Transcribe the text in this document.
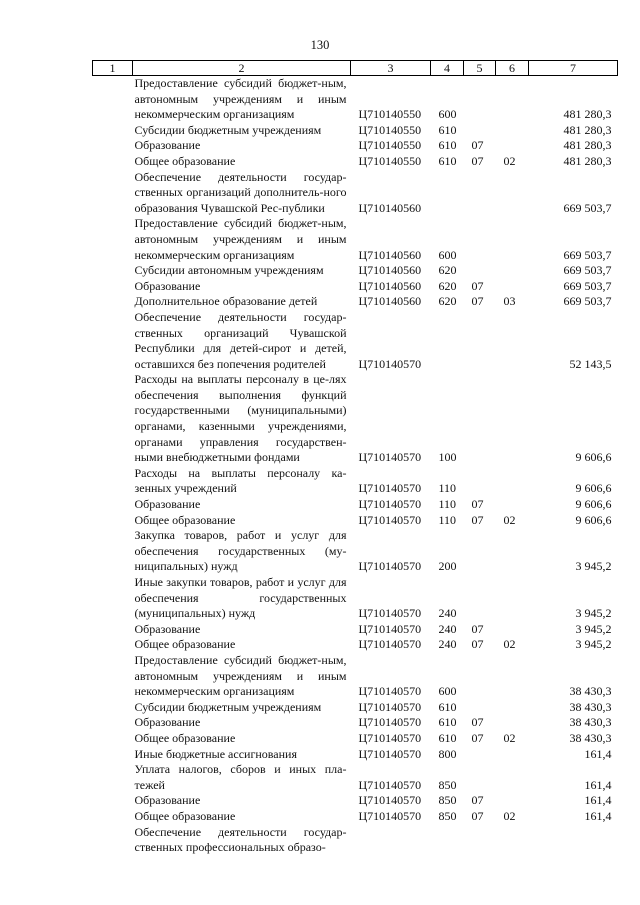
130
1	2	3	4	5	6	7
	Предоставление субсидий бюджет-ным, автономным учреждениям и иным некоммерческим организациям	Ц710140550	600			481 280,3
	Субсидии бюджетным учреждениям	Ц710140550	610			481 280,3
	Образование	Ц710140550	610	07		481 280,3
	Общее образование	Ц710140550	610	07	02	481 280,3
	Обеспечение деятельности государ-ственных организаций дополнитель-ного образования Чувашской Рес-публики	Ц710140560				669 503,7
	Предоставление субсидий бюджет-ным, автономным учреждениям и иным некоммерческим организациям	Ц710140560	600			669 503,7
	Субсидии автономным учреждениям	Ц710140560	620			669 503,7
	Образование	Ц710140560	620	07		669 503,7
	Дополнительное образование детей	Ц710140560	620	07	03	669 503,7
	Обеспечение деятельности государ-ственных организаций Чувашской Республики для детей-сирот и детей, оставшихся без попечения родителей	Ц710140570				52 143,5
	Расходы на выплаты персоналу в це-лях обеспечения выполнения функций государственными (муниципальными) органами, казенными учреждениями, органами управления государствен-ными внебюджетными фондами	Ц710140570	100			9 606,6
	Расходы на выплаты персоналу ка-зенных учреждений	Ц710140570	110			9 606,6
	Образование	Ц710140570	110	07		9 606,6
	Общее образование	Ц710140570	110	07	02	9 606,6
	Закупка товаров, работ и услуг для обеспечения государственных (му-ниципальных) нужд	Ц710140570	200			3 945,2
	Иные закупки товаров, работ и услуг для обеспечения государственных (муниципальных) нужд	Ц710140570	240			3 945,2
	Образование	Ц710140570	240	07		3 945,2
	Общее образование	Ц710140570	240	07	02	3 945,2
	Предоставление субсидий бюджет-ным, автономным учреждениям и иным некоммерческим организациям	Ц710140570	600			38 430,3
	Субсидии бюджетным учреждениям	Ц710140570	610			38 430,3
	Образование	Ц710140570	610	07		38 430,3
	Общее образование	Ц710140570	610	07	02	38 430,3
	Иные бюджетные ассигнования	Ц710140570	800			161,4
	Уплата налогов, сборов и иных пла-тежей	Ц710140570	850			161,4
	Образование	Ц710140570	850	07		161,4
	Общее образование	Ц710140570	850	07	02	161,4
	Обеспечение деятельности государ-ственных профессиональных образо-					
